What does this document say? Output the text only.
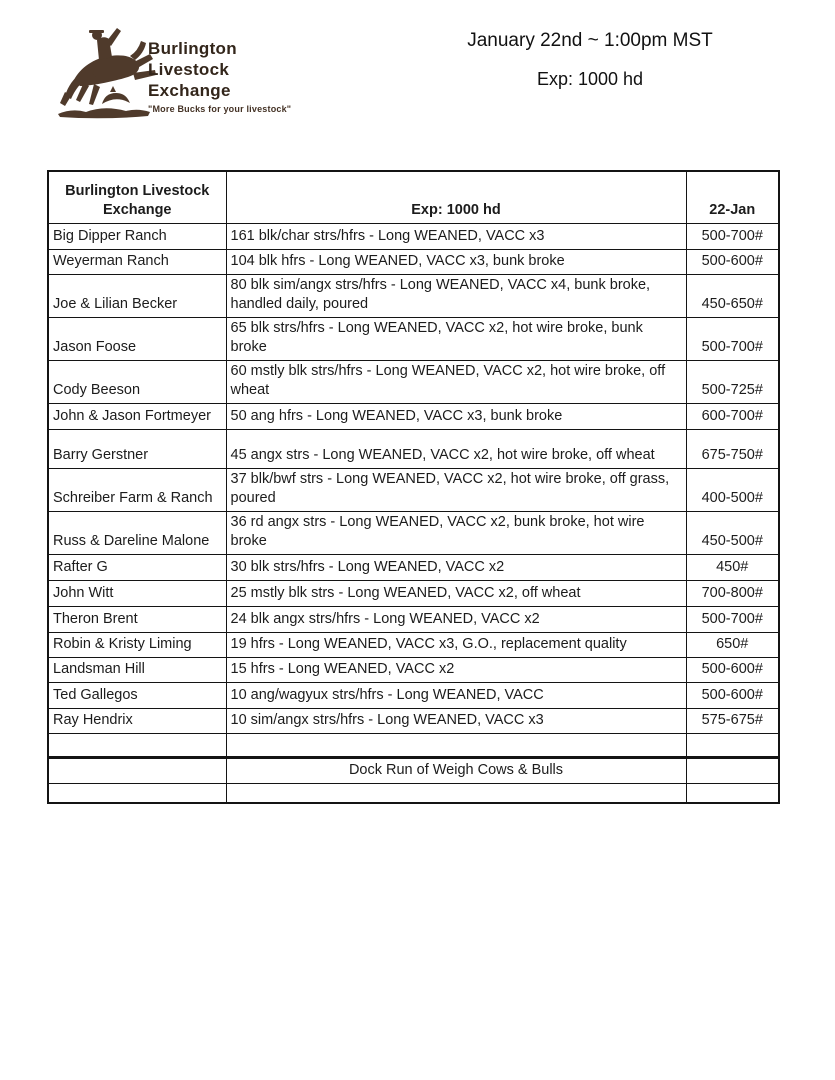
Burlington
Livestock
Exchange
"More Bucks for your livestock"
January 22nd ~ 1:00pm MST
Exp: 1000 hd
Burlington Livestock
Exchange	Exp: 1000 hd	22-Jan
Big Dipper Ranch	161 blk/char strs/hfrs - Long WEANED, VACC x3	500-700#
Weyerman Ranch	104 blk hfrs - Long WEANED, VACC x3, bunk broke	500-600#
Joe & Lilian Becker	80 blk sim/angx strs/hfrs - Long WEANED, VACC x4, bunk broke, handled daily, poured	450-650#
Jason Foose	65 blk strs/hfrs - Long WEANED, VACC x2, hot wire broke, bunk broke	500-700#
Cody Beeson	60 mstly blk strs/hfrs - Long WEANED, VACC x2, hot wire broke, off wheat	500-725#
John & Jason Fortmeyer	50 ang hfrs - Long WEANED, VACC x3, bunk broke	600-700#
Barry Gerstner	45 angx strs - Long WEANED, VACC x2, hot wire broke, off wheat	675-750#
Schreiber Farm & Ranch	37 blk/bwf strs - Long WEANED, VACC x2, hot wire broke, off grass, poured	400-500#
Russ & Dareline Malone	36 rd angx strs - Long WEANED, VACC x2, bunk broke, hot wire broke	450-500#
Rafter G	30 blk strs/hfrs - Long WEANED, VACC x2	450#
John Witt	25 mstly blk strs - Long WEANED, VACC x2, off wheat	700-800#
Theron Brent	24 blk angx strs/hfrs - Long WEANED, VACC x2	500-700#
Robin & Kristy Liming	19 hfrs - Long WEANED, VACC x3, G.O., replacement quality	650#
Landsman Hill	15 hfrs - Long WEANED, VACC x2	500-600#
Ted Gallegos	10 ang/wagyux strs/hfrs - Long WEANED, VACC	500-600#
Ray Hendrix	10 sim/angx strs/hfrs - Long WEANED, VACC x3	575-675#

	Dock Run of Weigh Cows & Bulls	
